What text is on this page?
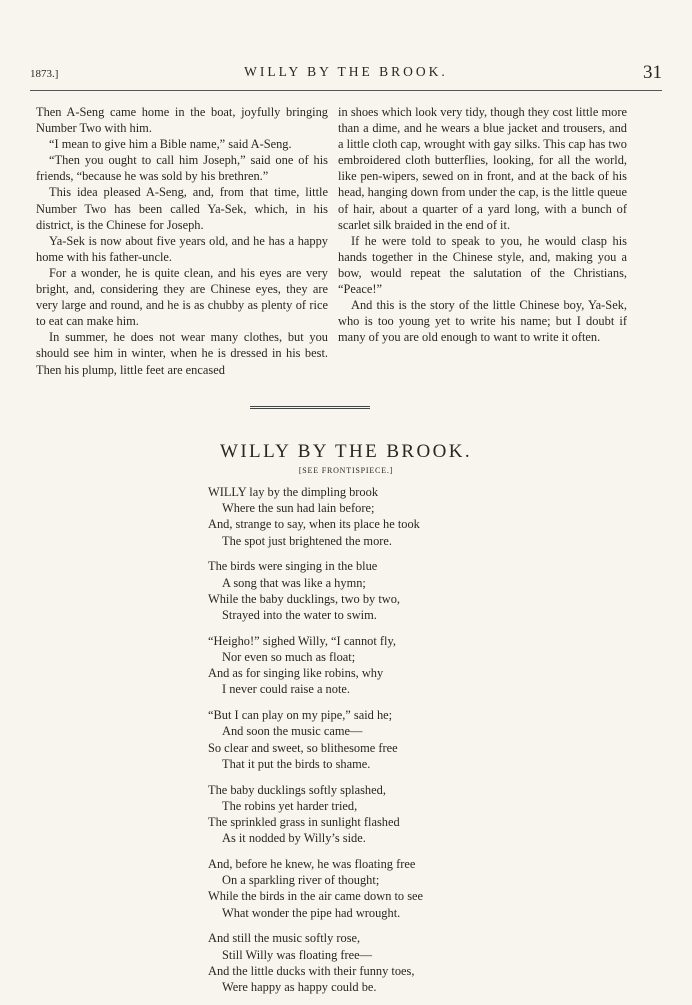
1873.]	WILLY BY THE BROOK.	31

Then A-Seng came home in the boat, joyfully bringing Number Two with him.

“I mean to give him a Bible name,” said A-Seng.

“Then you ought to call him Joseph,” said one of his friends, “because he was sold by his brethren.”

This idea pleased A-Seng, and, from that time, little Number Two has been called Ya-Sek, which, in his district, is the Chinese for Joseph.

Ya-Sek is now about five years old, and he has a happy home with his father-uncle.

For a wonder, he is quite clean, and his eyes are very bright, and, considering they are Chinese eyes, they are very large and round, and he is as chubby as plenty of rice to eat can make him.

In summer, he does not wear many clothes, but you should see him in winter, when he is dressed in his best. Then his plump, little feet are encased

in shoes which look very tidy, though they cost little more than a dime, and he wears a blue jacket and trousers, and a little cloth cap, wrought with gay silks. This cap has two embroidered cloth butterflies, looking, for all the world, like pen-wipers, sewed on in front, and at the back of his head, hanging down from under the cap, is the little queue of hair, about a quarter of a yard long, with a bunch of scarlet silk braided in the end of it.

If he were told to speak to you, he would clasp his hands together in the Chinese style, and, making you a bow, would repeat the salutation of the Christians, “Peace!”

And this is the story of the little Chinese boy, Ya-Sek, who is too young yet to write his name; but I doubt if many of you are old enough to want to write it often.

WILLY BY THE BROOK.
[SEE FRONTISPIECE.]
WILLY lay by the dimpling brook
Where the sun had lain before;
And, strange to say, when its place he took
The spot just brightened the more.
The birds were singing in the blue
A song that was like a hymn;
While the baby ducklings, two by two,
Strayed into the water to swim.
“Heigho!” sighed Willy, “I cannot fly,
Nor even so much as float;
And as for singing like robins, why
I never could raise a note.
“But I can play on my pipe,” said he;
And soon the music came—
So clear and sweet, so blithesome free
That it put the birds to shame.
The baby ducklings softly splashed,
The robins yet harder tried,
The sprinkled grass in sunlight flashed
As it nodded by Willy’s side.
And, before he knew, he was floating free
On a sparkling river of thought;
While the birds in the air came down to see
What wonder the pipe had wrought.
And still the music softly rose,
Still Willy was floating free—
And the little ducks with their funny toes,
Were happy as happy could be.
